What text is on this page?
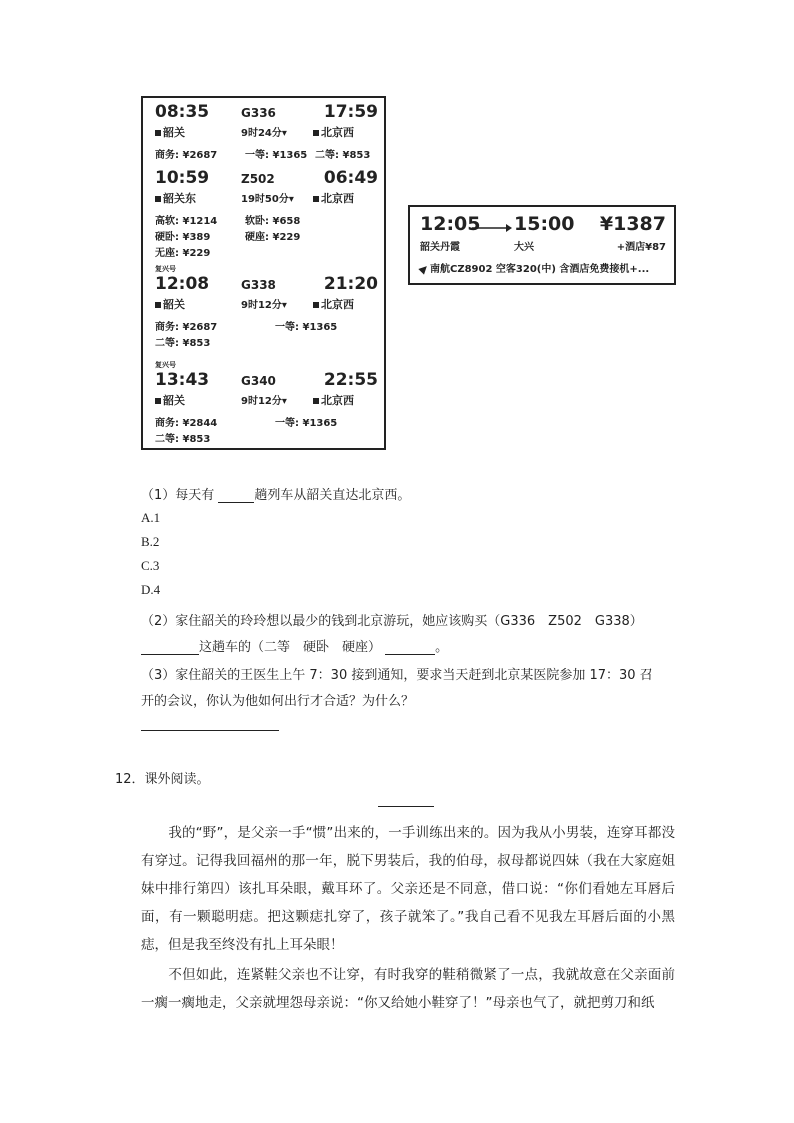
08:35	G336	17:59
韶关	9时24分▾	北京西
商务: ¥2687	一等: ¥1365 二等: ¥853
10:59	Z502	06:49
韶关东	19时50分▾	北京西
高软: ¥1214	软卧: ¥658
硬卧: ¥389	硬座: ¥229
无座: ¥229
复兴号
12:08	G338	21:20
韶关	9时12分▾	北京西
商务: ¥2687	一等: ¥1365
二等: ¥853
复兴号
13:43	G340	22:55
韶关	9时12分▾	北京西
商务: ¥2844	一等: ¥1365
二等: ¥853
12:05 15:00 ¥1387
韶关丹霞	大兴	+酒店¥87
南航CZ8902 空客320(中) 含酒店免费接机+...
（1）每天有	趟列车从韶关直达北京西。
A.1
B.2
C.3
D.4
（2）家住韶关的玲玲想以最少的钱到北京游玩，她应该购买（G336　Z502　G338）
这趟车的（二等　硬卧　硬座）	。
（3）家住韶关的王医生上午 7：30 接到通知，要求当天赶到北京某医院参加 17：30 召
开的会议，你认为他如何出行才合适？为什么？
12．课外阅读。

　　我的“野”，是父亲一手“惯”出来的，一手训练出来的。因为我从小男装，连穿耳都没有穿过。记得我回福州的那一年，脱下男装后，我的伯母，叔母都说四妹（我在大家庭姐妹中排行第四）该扎耳朵眼，戴耳环了。父亲还是不同意，借口说：“你们看她左耳唇后面，有一颗聪明痣。把这颗痣扎穿了，孩子就笨了。”我自己看不见我左耳唇后面的小黑痣，但是我至终没有扎上耳朵眼！

　　不但如此，连紧鞋父亲也不让穿，有时我穿的鞋稍微紧了一点，我就故意在父亲面前一瘸一瘸地走，父亲就埋怨母亲说：“你又给她小鞋穿了！”母亲也气了，就把剪刀和纸
